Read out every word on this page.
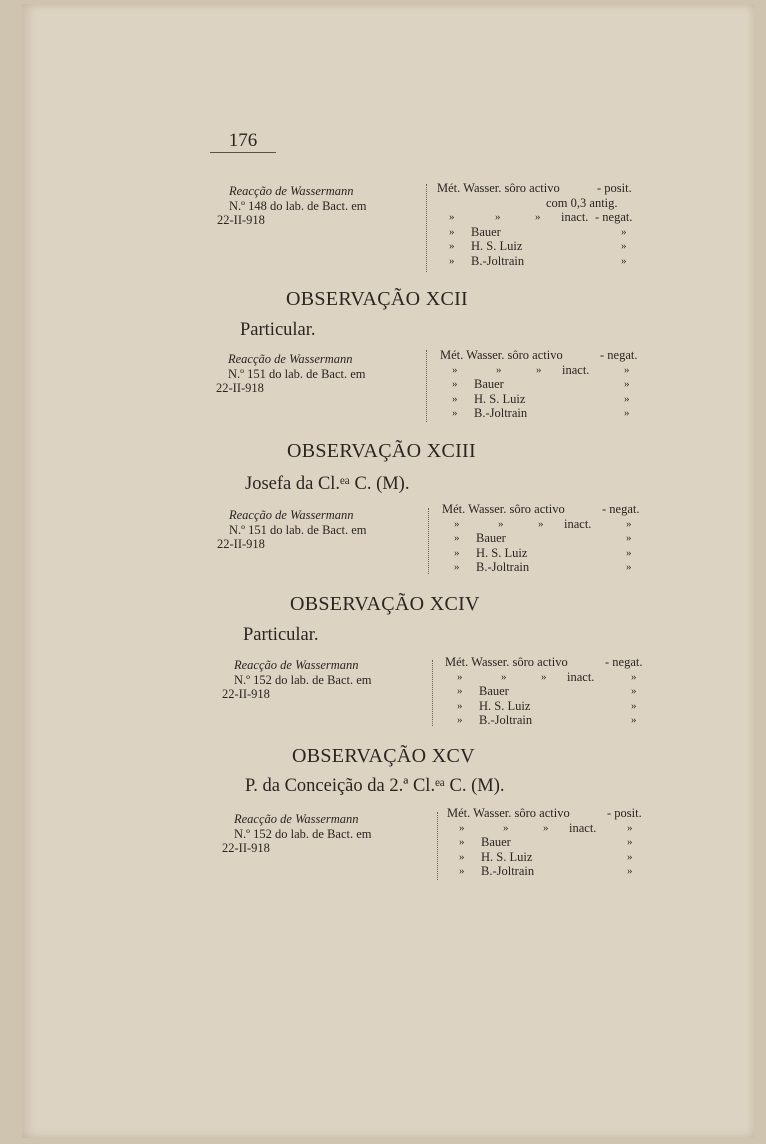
176
Reacção de Wassermann
N.º 148 do lab. de Bact. em
22-II-918
Mét. Wasser. sôro activo	- posit.
com 0,3 antig.
»	»	» inact. - negat.
» Bauer	»
» H. S. Luiz	»
» B.-Joltrain	»
OBSERVAÇÃO XCII
Particular.
Reacção de Wassermann
N.º 151 do lab. de Bact. em
22-II-918
Mét. Wasser. sôro activo	- negat.
»	»	» inact.	»
» Bauer	»
» H. S. Luiz	»
» B.-Joltrain	»
OBSERVAÇÃO XCIII
Josefa da Cl.ᵉᵃ C. (M).
Reacção de Wassermann
N.º 151 do lab. de Bact. em
22-II-918
Mét. Wasser. sôro activo	- negat.
»	»	» inact.	»
» Bauer	»
» H. S. Luiz	»
» B.-Joltrain	»
OBSERVAÇÃO XCIV
Particular.
Reacção de Wassermann
N.º 152 do lab. de Bact. em
22-II-918
Mét. Wasser. sôro activo	- negat.
»	»	» inact.	»
» Bauer	»
» H. S. Luiz	»
» B.-Joltrain	»
OBSERVAÇÃO XCV
P. da Conceição da 2.ª Cl.ᵉᵃ C. (M).
Reacção de Wassermann
N.º 152 do lab. de Bact. em
22-II-918
Mét. Wasser. sôro activo	- posit.
»	»	» inact.	»
» Bauer	»
» H. S. Luiz	»
» B.-Joltrain	»
